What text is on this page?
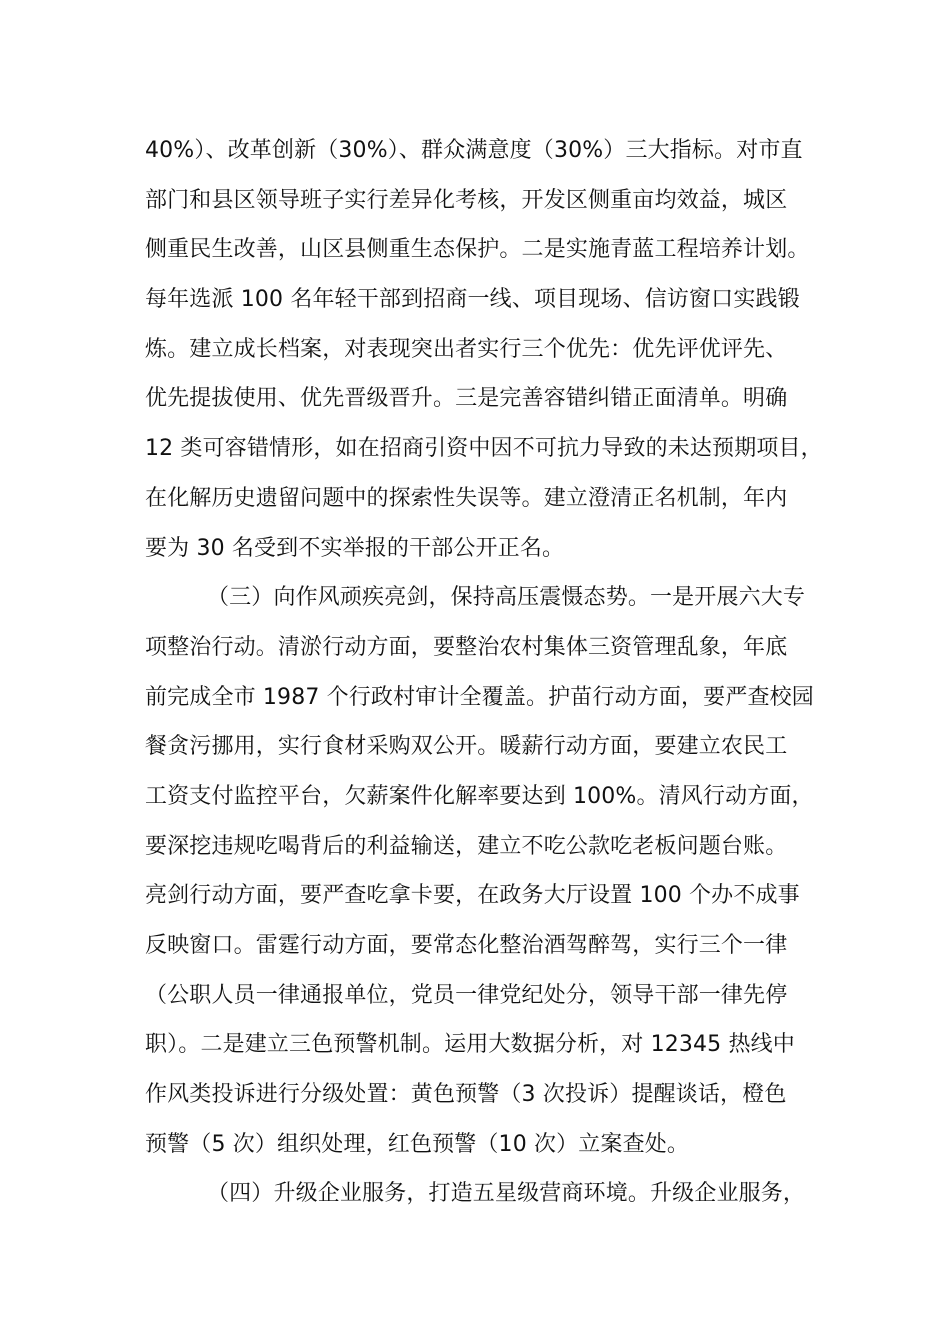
40%）、改革创新（30%）、群众满意度（30%）三大指标。对市直
部门和县区领导班子实行差异化考核，开发区侧重亩均效益，城区
侧重民生改善，山区县侧重生态保护。二是实施青蓝工程培养计划。
每年选派 100 名年轻干部到招商一线、项目现场、信访窗口实践锻
炼。建立成长档案，对表现突出者实行三个优先：优先评优评先、
优先提拔使用、优先晋级晋升。三是完善容错纠错正面清单。明确
12 类可容错情形，如在招商引资中因不可抗力导致的未达预期项目，
在化解历史遗留问题中的探索性失误等。建立澄清正名机制，年内
要为 30 名受到不实举报的干部公开正名。
（三）向作风顽疾亮剑，保持高压震慑态势。一是开展六大专
项整治行动。清淤行动方面，要整治农村集体三资管理乱象，年底
前完成全市 1987 个行政村审计全覆盖。护苗行动方面，要严查校园
餐贪污挪用，实行食材采购双公开。暖薪行动方面，要建立农民工
工资支付监控平台，欠薪案件化解率要达到 100%。清风行动方面，
要深挖违规吃喝背后的利益输送，建立不吃公款吃老板问题台账。
亮剑行动方面，要严查吃拿卡要，在政务大厅设置 100 个办不成事
反映窗口。雷霆行动方面，要常态化整治酒驾醉驾，实行三个一律
（公职人员一律通报单位，党员一律党纪处分，领导干部一律先停
职）。二是建立三色预警机制。运用大数据分析，对 12345 热线中
作风类投诉进行分级处置：黄色预警（3 次投诉）提醒谈话，橙色
预警（5 次）组织处理，红色预警（10 次）立案查处。
（四）升级企业服务，打造五星级营商环境。升级企业服务，
